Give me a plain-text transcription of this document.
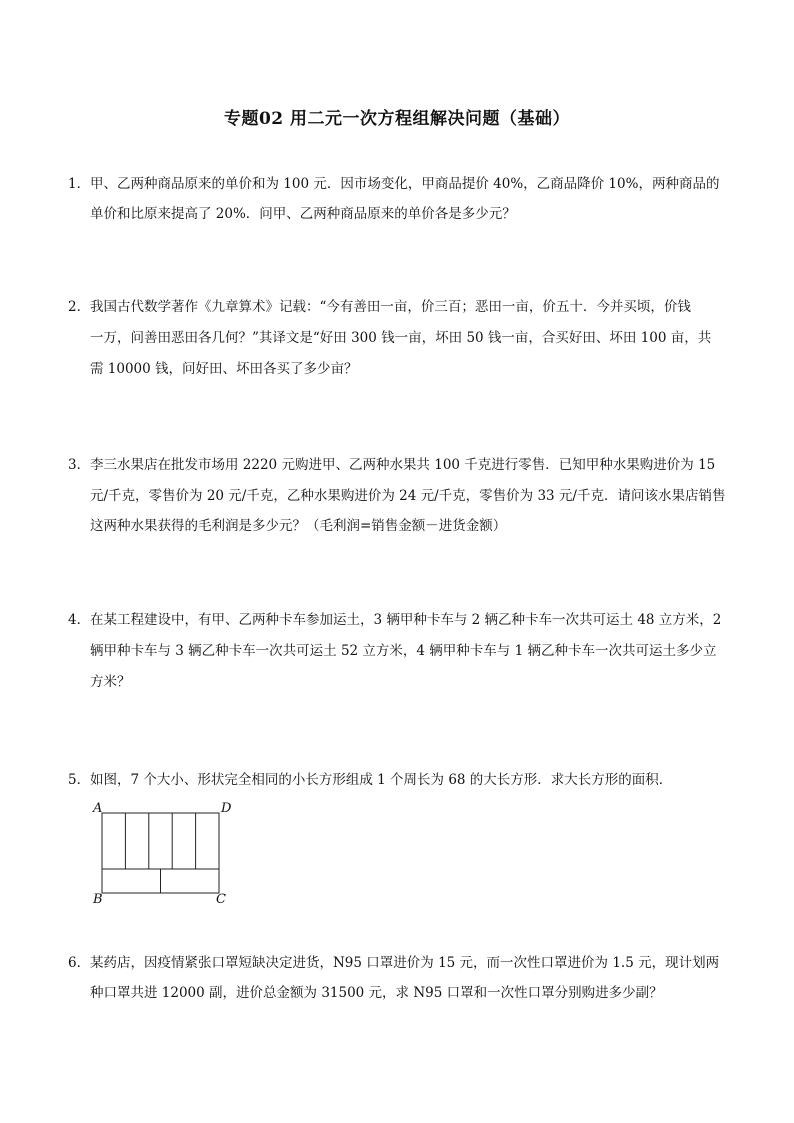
专题02 用二元一次方程组解决问题（基础）
1． 甲、乙两种商品原来的单价和为 100 元．因市场变化，甲商品提价 40%，乙商品降价 10%，两种商品的
单价和比原来提高了 20%．问甲、乙两种商品原来的单价各是多少元？
2． 我国古代数学著作《九章算术》记载：“今有善田一亩，价三百；恶田一亩，价五十．今并买顷，价钱
一万，问善田恶田各几何？”其译文是“好田 300 钱一亩，坏田 50 钱一亩，合买好田、坏田 100 亩，共
需 10000 钱，问好田、坏田各买了多少亩？
3． 李三水果店在批发市场用 2220 元购进甲、乙两种水果共 100 千克进行零售．已知甲种水果购进价为 15
元/千克，零售价为 20 元/千克，乙种水果购进价为 24 元/千克，零售价为 33 元/千克．请问该水果店销售
这两种水果获得的毛利润是多少元？（毛利润=销售金额－进货金额）
4． 在某工程建设中，有甲、乙两种卡车参加运土，3 辆甲种卡车与 2 辆乙种卡车一次共可运土 48 立方米，2
辆甲种卡车与 3 辆乙种卡车一次共可运土 52 立方米，4 辆甲种卡车与 1 辆乙种卡车一次共可运土多少立
方米？
5． 如图，7 个大小、形状完全相同的小长方形组成 1 个周长为 68 的大长方形．求大长方形的面积．
A	D
B	C
6． 某药店，因疫情紧张口罩短缺决定进货，N95 口罩进价为 15 元，而一次性口罩进价为 1.5 元，现计划两
种口罩共进 12000 副，进价总金额为 31500 元，求 N95 口罩和一次性口罩分别购进多少副？
